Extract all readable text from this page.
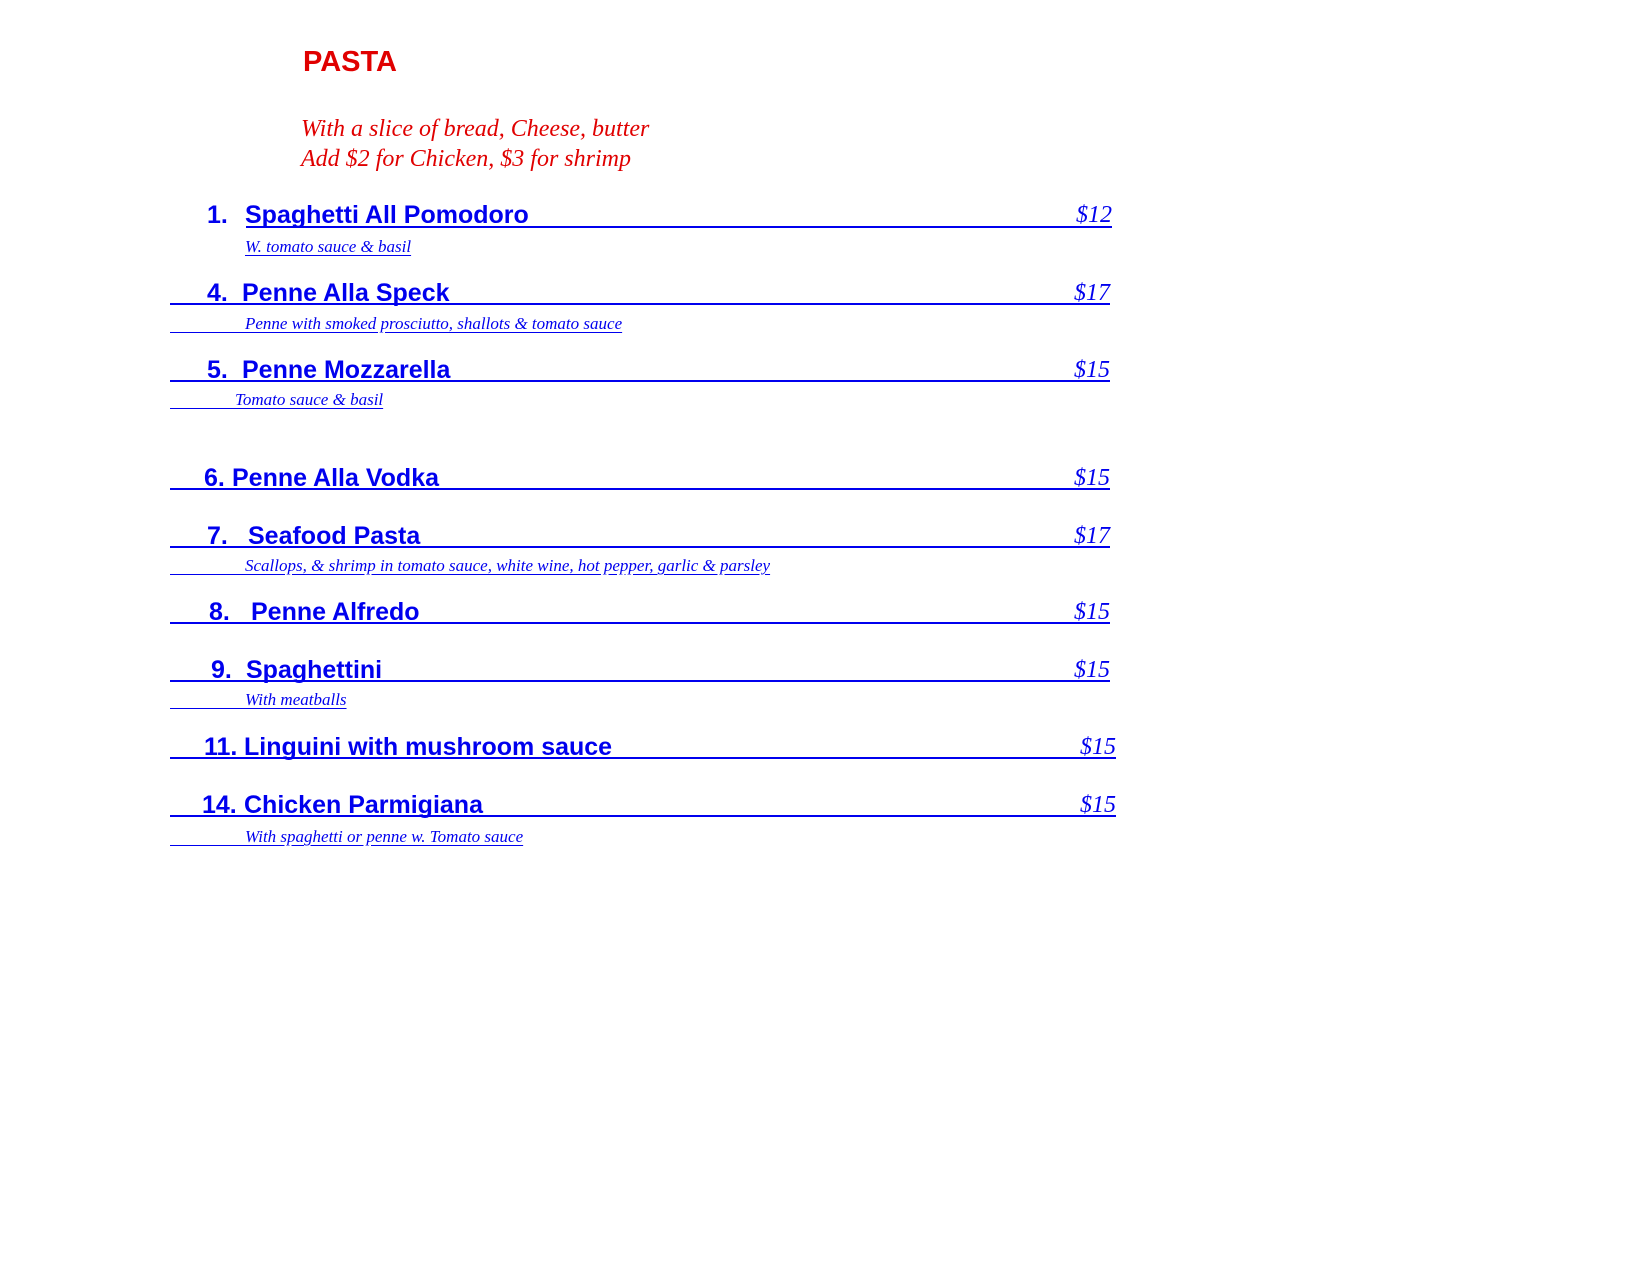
PASTA
With a slice of bread, Cheese, butter
Add $2 for Chicken, $3 for shrimp
1. Spaghetti All Pomodoro	$12
W. tomato sauce & basil
4. Penne Alla Speck	$17
Penne with smoked prosciutto, shallots & tomato sauce
5. Penne Mozzarella	$15
Tomato sauce & basil
6. Penne Alla Vodka	$15
7. Seafood Pasta	$17
Scallops, & shrimp in tomato sauce, white wine, hot pepper, garlic & parsley
8. Penne Alfredo	$15
9. Spaghettini	$15
With meatballs
11. Linguini with mushroom sauce	$15
14. Chicken Parmigiana	$15
With spaghetti or penne w. Tomato sauce
